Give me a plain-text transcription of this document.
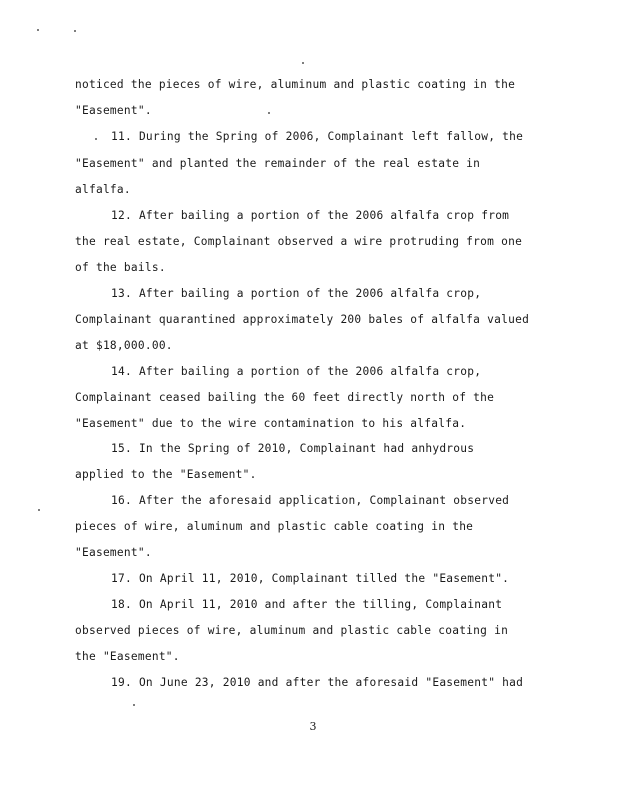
noticed the pieces of wire, aluminum and plastic coating in the
"Easement".
11. During the Spring of 2006, Complainant left fallow, the
"Easement" and planted the remainder of the real estate in
alfalfa.
12. After bailing a portion of the 2006 alfalfa crop from
the real estate, Complainant observed a wire protruding from one
of the bails.
13. After bailing a portion of the 2006 alfalfa crop,
Complainant quarantined approximately 200 bales of alfalfa valued
at $18,000.00.
14. After bailing a portion of the 2006 alfalfa crop,
Complainant ceased bailing the 60 feet directly north of the
"Easement" due to the wire contamination to his alfalfa.
15. In the Spring of 2010, Complainant had anhydrous
applied to the "Easement".
16. After the aforesaid application, Complainant observed
pieces of wire, aluminum and plastic cable coating in the
"Easement".
17. On April 11, 2010, Complainant tilled the "Easement".
18. On April 11, 2010 and after the tilling, Complainant
observed pieces of wire, aluminum and plastic cable coating in
the "Easement".
19. On June 23, 2010 and after the aforesaid "Easement" had
3
